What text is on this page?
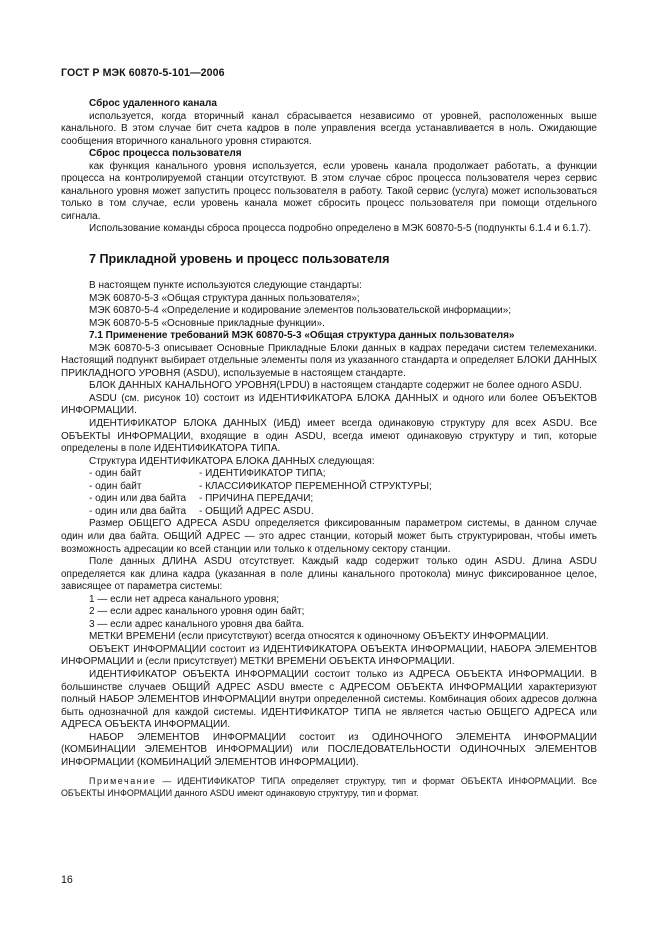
ГОСТ Р МЭК 60870-5-101—2006

Сброс удаленного канала

используется, когда вторичный канал сбрасывается независимо от уровней, расположенных выше канального. В этом случае бит счета кадров в поле управления всегда устанавливается в ноль. Ожидающие сообщения вторичного канального уровня стираются.

Сброс процесса пользователя

как функция канального уровня используется, если уровень канала продолжает работать, а функции процесса на контролируемой станции отсутствуют. В этом случае сброс процесса пользователя через сервис канального уровня может запустить процесс пользователя в работу. Такой сервис (услуга) может использоваться только в том случае, если уровень канала может сбросить процесс пользователя при помощи отдельного сигнала.

Использование команды сброса процесса подробно определено в МЭК 60870-5-5 (подпункты 6.1.4 и 6.1.7).

7 Прикладной уровень и процесс пользователя

В настоящем пункте используются следующие стандарты:

МЭК 60870-5-3 «Общая структура данных пользователя»;

МЭК 60870-5-4 «Определение и кодирование элементов пользовательской информации»;

МЭК 60870-5-5 «Основные прикладные функции».

7.1 Применение требований МЭК 60870-5-3 «Общая структура данных пользователя»

МЭК 60870-5-3 описывает Основные Прикладные Блоки данных в кадрах передачи систем телемеханики. Настоящий подпункт выбирает отдельные элементы поля из указанного стандарта и определяет БЛОКИ ДАННЫХ ПРИКЛАДНОГО УРОВНЯ (ASDU), используемые в настоящем стандарте.

БЛОК ДАННЫХ КАНАЛЬНОГО УРОВНЯ(LPDU) в настоящем стандарте содержит не более одного ASDU.

ASDU (см. рисунок 10) состоит из ИДЕНТИФИКАТОРА БЛОКА ДАННЫХ и одного или более ОБЪЕКТОВ ИНФОРМАЦИИ.

ИДЕНТИФИКАТОР БЛОКА ДАННЫХ (ИБД) имеет всегда одинаковую структуру для всех ASDU. Все ОБЪЕКТЫ ИНФОРМАЦИИ, входящие в один ASDU, всегда имеют одинаковую структуру и тип, которые определены в поле ИДЕНТИФИКАТОРА ТИПА.

Структура ИДЕНТИФИКАТОРА БЛОКА ДАННЫХ следующая:

- один байт	- ИДЕНТИФИКАТОР ТИПА;
- один байт	- КЛАССИФИКАТОР ПЕРЕМЕННОЙ СТРУКТУРЫ;
- один или два байта	- ПРИЧИНА ПЕРЕДАЧИ;
- один или два байта	- ОБЩИЙ АДРЕС ASDU.

Размер ОБЩЕГО АДРЕСА ASDU определяется фиксированным параметром системы, в данном случае один или два байта. ОБЩИЙ АДРЕС — это адрес станции, который может быть структурирован, чтобы иметь возможность адресации ко всей станции или только к отдельному сектору станции.

Поле данных ДЛИНА ASDU отсутствует. Каждый кадр содержит только один ASDU. Длина ASDU определяется как длина кадра (указанная в поле длины канального протокола) минус фиксированное целое, зависящее от параметра системы:

1 — если нет адреса канального уровня;

2 — если адрес канального уровня один байт;

3 — если адрес канального уровня два байта.

МЕТКИ ВРЕМЕНИ (если присутствуют) всегда относятся к одиночному ОБЪЕКТУ ИНФОРМАЦИИ.

ОБЪЕКТ ИНФОРМАЦИИ состоит из ИДЕНТИФИКАТОРА ОБЪЕКТА ИНФОРМАЦИИ, НАБОРА ЭЛЕМЕНТОВ ИНФОРМАЦИИ и (если присутствует) МЕТКИ ВРЕМЕНИ ОБЪЕКТА ИНФОРМАЦИИ.

ИДЕНТИФИКАТОР ОБЪЕКТА ИНФОРМАЦИИ состоит только из АДРЕСА ОБЪЕКТА ИНФОРМАЦИИ. В большинстве случаев ОБЩИЙ АДРЕС ASDU вместе с АДРЕСОМ ОБЪЕКТА ИНФОРМАЦИИ характеризуют полный НАБОР ЭЛЕМЕНТОВ ИНФОРМАЦИИ внутри определенной системы. Комбинация обоих адресов должна быть однозначной для каждой системы. ИДЕНТИФИКАТОР ТИПА не является частью ОБЩЕГО АДРЕСА или АДРЕСА ОБЪЕКТА ИНФОРМАЦИИ.

НАБОР ЭЛЕМЕНТОВ ИНФОРМАЦИИ состоит из ОДИНОЧНОГО ЭЛЕМЕНТА ИНФОРМАЦИИ (КОМБИНАЦИИ ЭЛЕМЕНТОВ ИНФОРМАЦИИ) или ПОСЛЕДОВАТЕЛЬНОСТИ ОДИНОЧНЫХ ЭЛЕМЕНТОВ ИНФОРМАЦИИ (КОМБИНАЦИЙ ЭЛЕМЕНТОВ ИНФОРМАЦИИ).

Примечание — ИДЕНТИФИКАТОР ТИПА определяет структуру, тип и формат ОБЪЕКТА ИНФОРМАЦИИ. Все ОБЪЕКТЫ ИНФОРМАЦИИ данного ASDU имеют одинаковую структуру, тип и формат.

16
